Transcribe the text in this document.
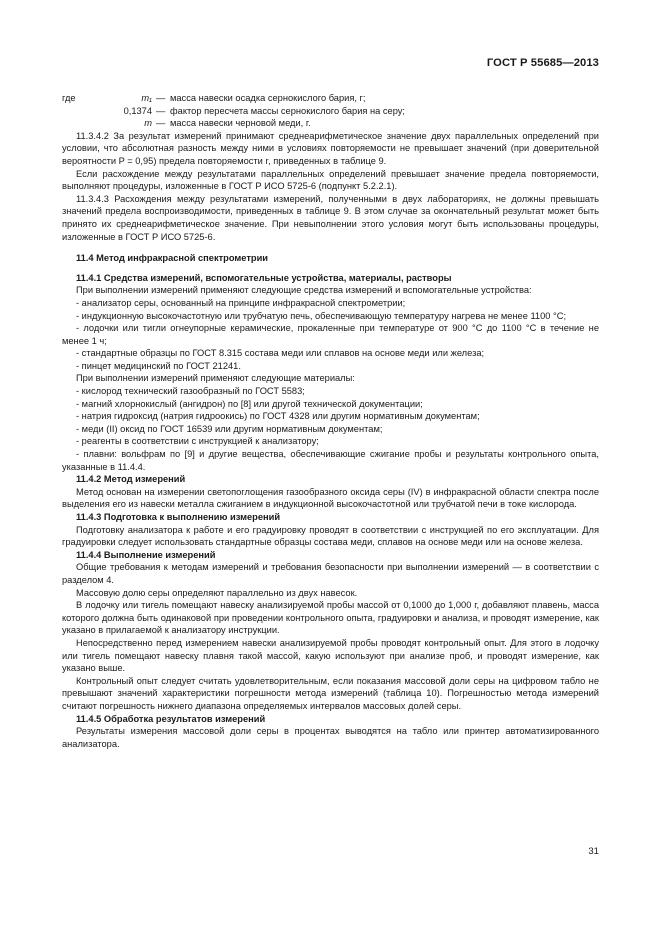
ГОСТ Р 55685—2013
где	m₁ — масса навески осадка сернокислого бария, г;
0,1374 — фактор пересчета массы сернокислого бария на серу;
m — масса навески черновой меди, г.

11.3.4.2 За результат измерений принимают среднеарифметическое значение двух параллельных определений при условии, что абсолютная разность между ними в условиях повторяемости не превышает значений (при доверительной вероятности P = 0,95) предела повторяемости r, приведенных в таблице 9.

Если расхождение между результатами параллельных определений превышает значение предела повторяемости, выполняют процедуры, изложенные в ГОСТ Р ИСО 5725-6 (подпункт 5.2.2.1).

11.3.4.3 Расхождения между результатами измерений, полученными в двух лабораториях, не должны превышать значений предела воспроизводимости, приведенных в таблице 9. В этом случае за окончательный результат может быть принято их среднеарифметическое значение. При невыполнении этого условия могут быть использованы процедуры, изложенные в ГОСТ Р ИСО 5725-6.

11.4 Метод инфракрасной спектрометрии

11.4.1 Средства измерений, вспомогательные устройства, материалы, растворы

При выполнении измерений применяют следующие средства измерений и вспомогательные устройства:

- анализатор серы, основанный на принципе инфракрасной спектрометрии;

- индукционную высокочастотную или трубчатую печь, обеспечивающую температуру нагрева не менее 1100 °С;

- лодочки или тигли огнеупорные керамические, прокаленные при температуре от 900 °С до 1100 °С в течение не менее 1 ч;

- стандартные образцы по ГОСТ 8.315 состава меди или сплавов на основе меди или железа;

- пинцет медицинский по ГОСТ 21241.

При выполнении измерений применяют следующие материалы:

- кислород технический газообразный по ГОСТ 5583;

- магний хлорнокислый (ангидрон) по [8] или другой технической документации;

- натрия гидроксид (натрия гидроокись) по ГОСТ 4328 или другим нормативным документам;

- меди (II) оксид по ГОСТ 16539 или другим нормативным документам;

- реагенты в соответствии с инструкцией к анализатору;

- плавни: вольфрам по [9] и другие вещества, обеспечивающие сжигание пробы и результаты контрольного опыта, указанные в 11.4.4.

11.4.2 Метод измерений

Метод основан на измерении светопоглощения газообразного оксида серы (IV) в инфракрасной области спектра после выделения его из навески металла сжиганием в индукционной высокочастотной или трубчатой печи в токе кислорода.

11.4.3 Подготовка к выполнению измерений

Подготовку анализатора к работе и его градуировку проводят в соответствии с инструкцией по его эксплуатации. Для градуировки следует использовать стандартные образцы состава меди, сплавов на основе меди или на основе железа.

11.4.4 Выполнение измерений

Общие требования к методам измерений и требования безопасности при выполнении измерений — в соответствии с разделом 4.

Массовую долю серы определяют параллельно из двух навесок.

В лодочку или тигель помещают навеску анализируемой пробы массой от 0,1000 до 1,000 г, добавляют плавень, масса которого должна быть одинаковой при проведении контрольного опыта, градуировки и анализа, и проводят измерение, как указано в прилагаемой к анализатору инструкции.

Непосредственно перед измерением навески анализируемой пробы проводят контрольный опыт. Для этого в лодочку или тигель помещают навеску плавня такой массой, какую используют при анализе проб, и проводят измерение, как указано выше.

Контрольный опыт следует считать удовлетворительным, если показания массовой доли серы на цифровом табло не превышают значений характеристики погрешности метода измерений (таблица 10). Погрешностью метода измерений считают погрешность нижнего диапазона определяемых интервалов массовых долей серы.

11.4.5 Обработка результатов измерений

Результаты измерения массовой доли серы в процентах выводятся на табло или принтер автоматизированного анализатора.

31
